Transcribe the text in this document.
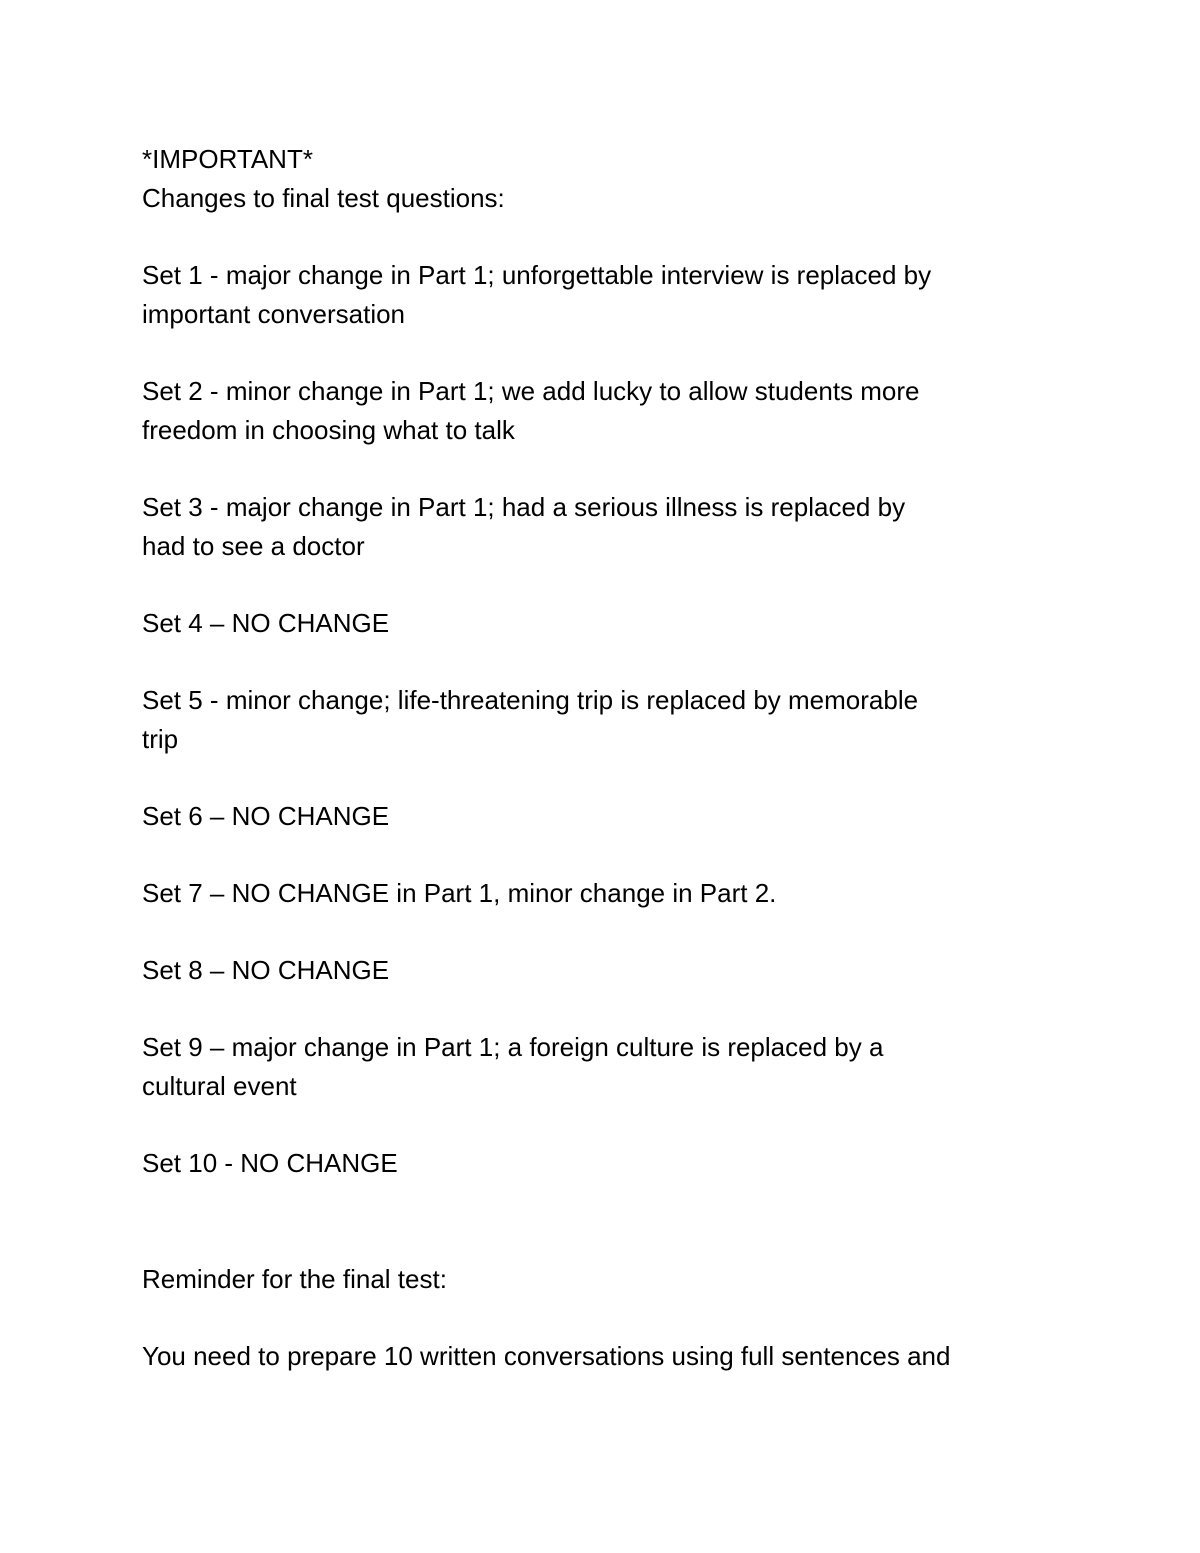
*IMPORTANT*
Changes to final test questions:
Set 1 - major change in Part 1; unforgettable interview is replaced by
important conversation
Set 2 - minor change in Part 1; we add lucky to allow students more
freedom in choosing what to talk
Set 3 - major change in Part 1; had a serious illness is replaced by
had to see a doctor
Set 4 – NO CHANGE
Set 5 - minor change; life-threatening trip is replaced by memorable
trip
Set 6 – NO CHANGE
Set 7 – NO CHANGE in Part 1, minor change in Part 2.
Set 8 – NO CHANGE
Set 9 – major change in Part 1; a foreign culture is replaced by a
cultural event
Set 10 - NO CHANGE
Reminder for the final test:
You need to prepare 10 written conversations using full sentences and
